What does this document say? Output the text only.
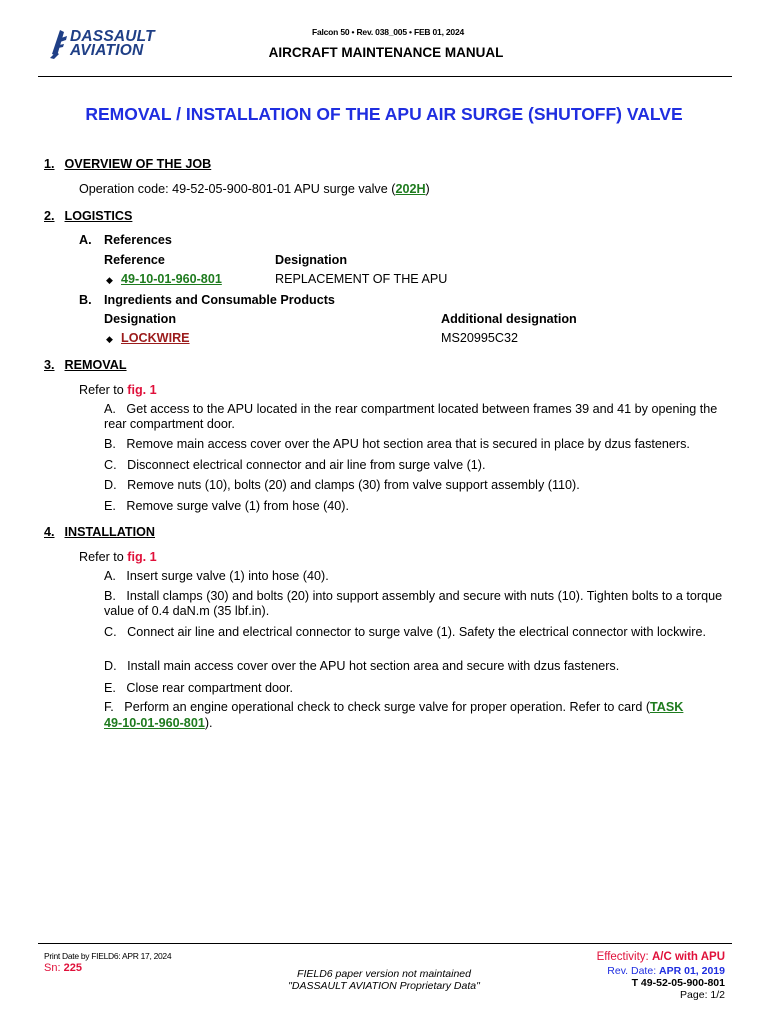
DASSAULT
AVIATION
Falcon 50 • Rev. 038_005 • FEB 01, 2024
AIRCRAFT MAINTENANCE MANUAL
REMOVAL / INSTALLATION OF THE APU AIR SURGE (SHUTOFF) VALVE
1. OVERVIEW OF THE JOB
Operation code: 49-52-05-900-801-01 APU surge valve (202H)
2. LOGISTICS
A. References
Reference	Designation
◆ 49-10-01-960-801	REPLACEMENT OF THE APU
B. Ingredients and Consumable Products
Designation	Additional designation
◆ LOCKWIRE	MS20995C32
3. REMOVAL
Refer to fig. 1
A. Get access to the APU located in the rear compartment located between frames 39 and 41 by opening the rear compartment door.
B. Remove main access cover over the APU hot section area that is secured in place by dzus fasteners.
C. Disconnect electrical connector and air line from surge valve (1).
D. Remove nuts (10), bolts (20) and clamps (30) from valve support assembly (110).
E. Remove surge valve (1) from hose (40).
4. INSTALLATION
Refer to fig. 1
A. Insert surge valve (1) into hose (40).
B. Install clamps (30) and bolts (20) into support assembly and secure with nuts (10). Tighten bolts to a torque value of 0.4 daN.m (35 lbf.in).
C. Connect air line and electrical connector to surge valve (1). Safety the electrical connector with lockwire.
D. Install main access cover over the APU hot section area and secure with dzus fasteners.
E. Close rear compartment door.
F. Perform an engine operational check to check surge valve for proper operation. Refer to card (TASK
49-10-01-960-801).
Print Date by FIELD6: APR 17, 2024
Sn: 225	FIELD6 paper version not maintained
"DASSAULT AVIATION Proprietary Data"
Effectivity: A/C with APU
Rev. Date: APR 01, 2019
T 49-52-05-900-801
Page: 1/2
